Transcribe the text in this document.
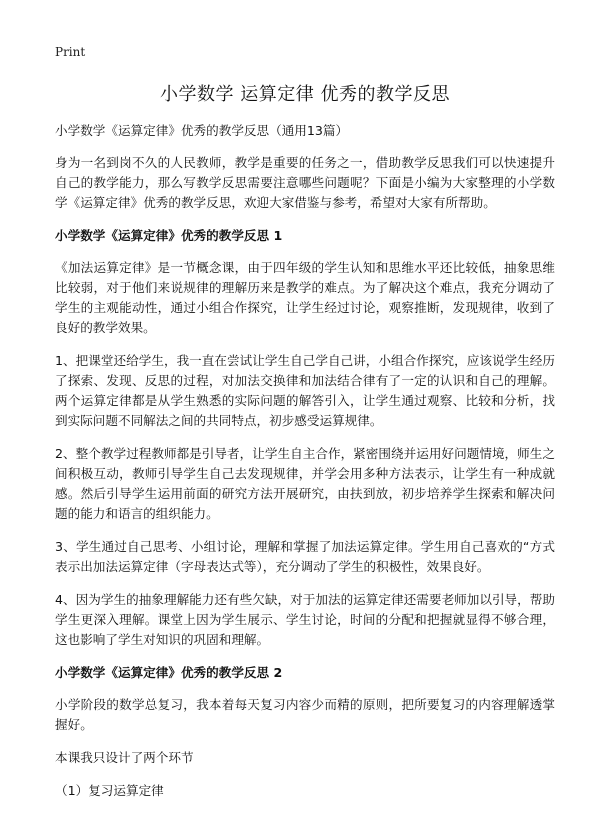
Print
小学数学 运算定律 优秀的教学反思

小学数学《运算定律》优秀的教学反思（通用13篇）

身为一名到岗不久的人民教师，教学是重要的任务之一，借助教学反思我们可以快速提升自己的教学能力，那么写教学反思需要注意哪些问题呢？下面是小编为大家整理的小学数学《运算定律》优秀的教学反思，欢迎大家借鉴与参考，希望对大家有所帮助。

小学数学《运算定律》优秀的教学反思 1

《加法运算定律》是一节概念课，由于四年级的学生认知和思维水平还比较低，抽象思维比较弱，对于他们来说规律的理解历来是教学的难点。为了解决这个难点，我充分调动了学生的主观能动性，通过小组合作探究，让学生经过讨论，观察推断，发现规律，收到了良好的教学效果。

1、把课堂还给学生，我一直在尝试让学生自己学自己讲，小组合作探究，应该说学生经历了探索、发现、反思的过程，对加法交换律和加法结合律有了一定的认识和自己的理解。两个运算定律都是从学生熟悉的实际问题的解答引入，让学生通过观察、比较和分析，找到实际问题不同解法之间的共同特点，初步感受运算规律。

2、整个教学过程教师都是引导者，让学生自主合作，紧密围绕并运用好问题情境，师生之间积极互动，教师引导学生自己去发现规律，并学会用多种方法表示，让学生有一种成就感。然后引导学生运用前面的研究方法开展研究，由扶到放，初步培养学生探索和解决问题的能力和语言的组织能力。

3、学生通过自己思考、小组讨论，理解和掌握了加法运算定律。学生用自己喜欢的“方式表示出加法运算定律（字母表达式等），充分调动了学生的积极性，效果良好。

4、因为学生的抽象理解能力还有些欠缺，对于加法的运算定律还需要老师加以引导，帮助学生更深入理解。课堂上因为学生展示、学生讨论，时间的分配和把握就显得不够合理，这也影响了学生对知识的巩固和理解。

小学数学《运算定律》优秀的教学反思 2

小学阶段的数学总复习，我本着每天复习内容少而精的原则，把所要复习的内容理解透掌握好。

本课我只设计了两个环节

（1）复习运算定律
